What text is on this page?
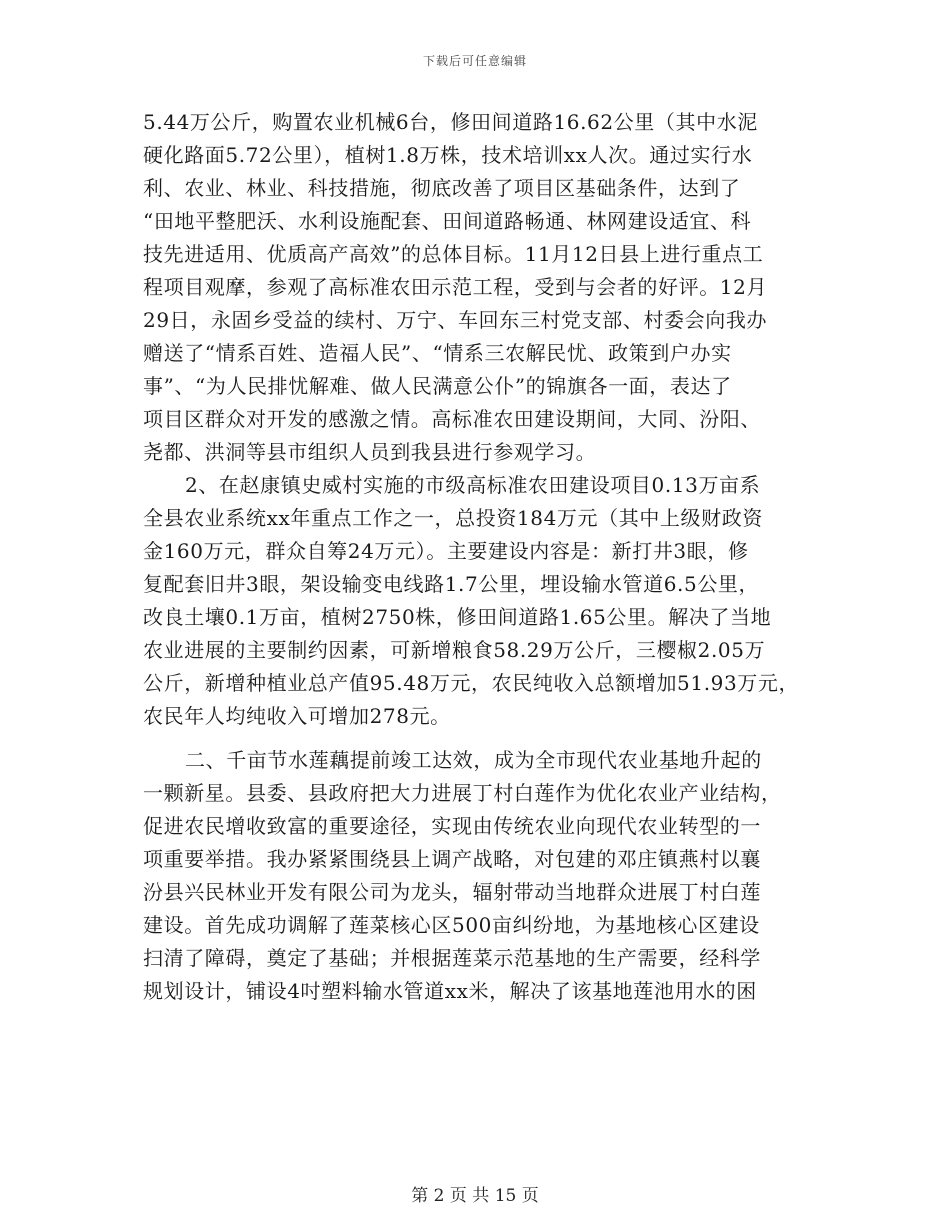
下载后可任意编辑
5.44万公斤，购置农业机械6台，修田间道路16.62公里（其中水泥
硬化路面5.72公里），植树1.8万株，技术培训xx人次。通过实行水
利、农业、林业、科技措施，彻底改善了项目区基础条件，达到了
“田地平整肥沃、水利设施配套、田间道路畅通、林网建设适宜、科
技先进适用、优质高产高效”的总体目标。11月12日县上进行重点工
程项目观摩，参观了高标准农田示范工程，受到与会者的好评。12月
29日，永固乡受益的续村、万宁、车回东三村党支部、村委会向我办
赠送了“情系百姓、造福人民”、“情系三农解民忧、政策到户办实
事”、“为人民排忧解难、做人民满意公仆”的锦旗各一面，表达了
项目区群众对开发的感激之情。高标准农田建设期间，大同、汾阳、
尧都、洪洞等县市组织人员到我县进行参观学习。
2、在赵康镇史威村实施的市级高标准农田建设项目0.13万亩系
全县农业系统xx年重点工作之一，总投资184万元（其中上级财政资
金160万元，群众自筹24万元）。主要建设内容是：新打井3眼，修
复配套旧井3眼，架设输变电线路1.7公里，埋设输水管道6.5公里，
改良土壤0.1万亩，植树2750株，修田间道路1.65公里。解决了当地
农业进展的主要制约因素，可新增粮食58.29万公斤，三樱椒2.05万
公斤，新增种植业总产值95.48万元，农民纯收入总额增加51.93万元，
农民年人均纯收入可增加278元。
二、千亩节水莲藕提前竣工达效，成为全市现代农业基地升起的
一颗新星。县委、县政府把大力进展丁村白莲作为优化农业产业结构，
促进农民增收致富的重要途径，实现由传统农业向现代农业转型的一
项重要举措。我办紧紧围绕县上调产战略，对包建的邓庄镇燕村以襄
汾县兴民林业开发有限公司为龙头，辐射带动当地群众进展丁村白莲
建设。首先成功调解了莲菜核心区500亩纠纷地，为基地核心区建设
扫清了障碍，奠定了基础；并根据莲菜示范基地的生产需要，经科学
规划设计，铺设4吋塑料输水管道xx米，解决了该基地莲池用水的困
第 2 页 共 15 页
